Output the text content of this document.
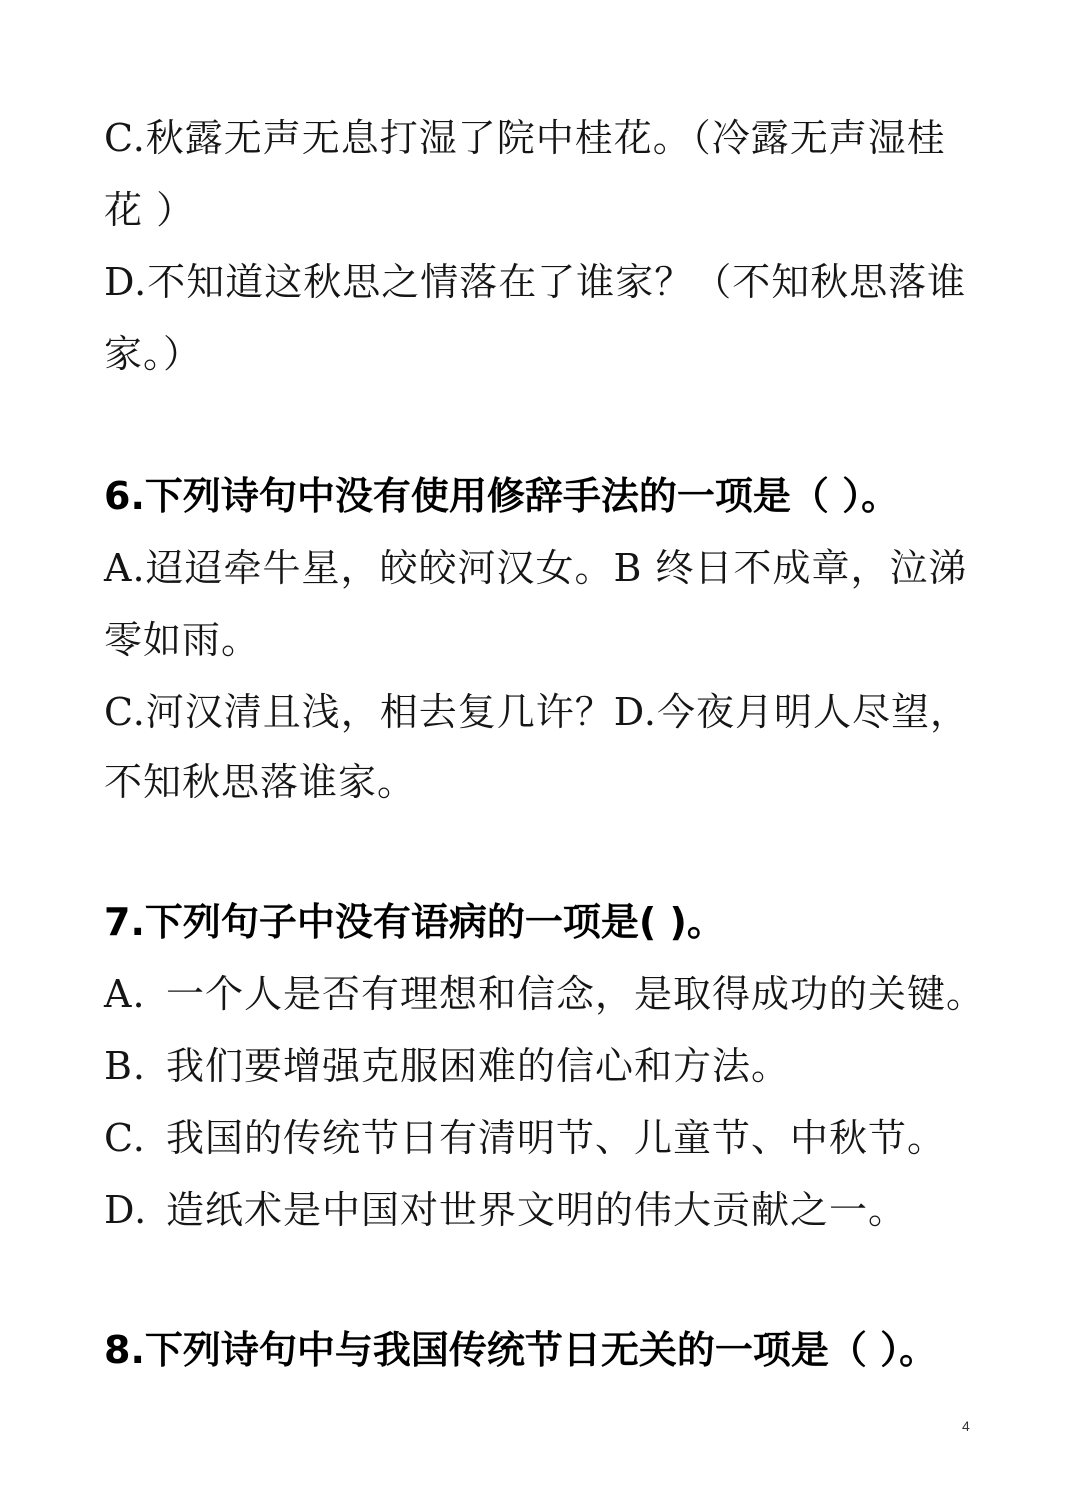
C.秋露无声无息打湿了院中桂花。（冷露无声湿桂
花 ）
D.不知道这秋思之情落在了谁家？（不知秋思落谁
家。）
6.下列诗句中没有使用修辞手法的一项是（ ）。
A.迢迢牵牛星，皎皎河汉女。B 终日不成章，泣涕
零如雨。
C.河汉清且浅，相去复几许？D.今夜月明人尽望，
不知秋思落谁家。
7.下列句子中没有语病的一项是( )。
A. 一个人是否有理想和信念，是取得成功的关键。
B. 我们要增强克服困难的信心和方法。
C. 我国的传统节日有清明节、儿童节、中秋节。
D. 造纸术是中国对世界文明的伟大贡献之一。
8.下列诗句中与我国传统节日无关的一项是（ ）。
4
